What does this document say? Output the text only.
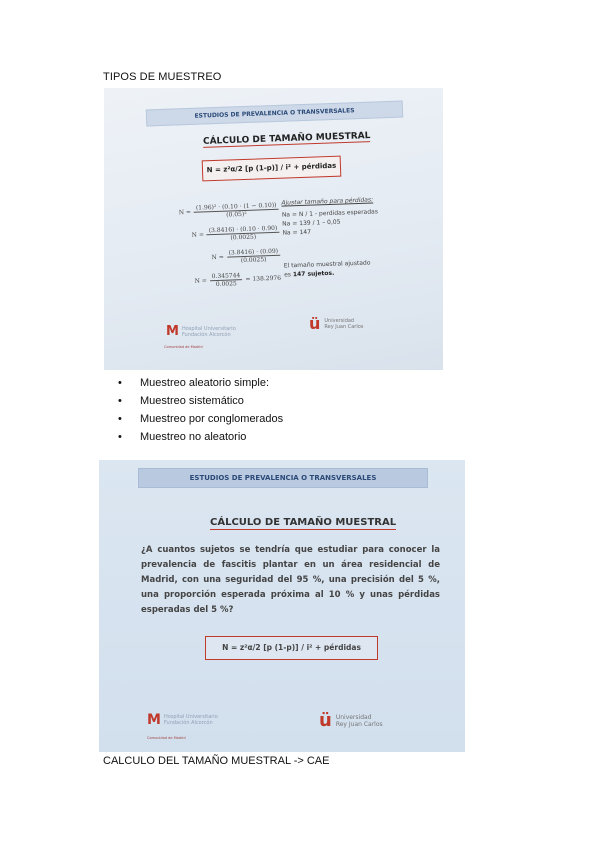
TIPOS DE MUESTREO
ESTUDIOS DE PREVALENCIA O TRANSVERSALES
CÁLCULO DE TAMAÑO MUESTRAL
N = z²α/2 [p (1-p)] / i² + pérdidas
$N = \frac{\text{(1.96)² · (0.10 · (1 − 0.10))}}{\text{(0.05)²}}$
$N = \frac{(3.8416) \cdot (0.10 \cdot 0.90)}{(0.0025)}$
$N = \frac{(3.8416) \cdot (0.09)}{(0.0025)}$
$N = \frac{0.345744}{0.0025} = 138.2976$
Ajustar tamaño para pérdidas:
Na = N / 1 - perdidas esperadas
Na = 139 / 1 – 0,05
Na = 147
El tamaño muestral ajustado
es 147 sujetos.
M Hospital Universitario
Fundación Alcorcón
Comunidad de Madrid
ü Universidad
Rey Juan Carlos
• Muestreo aleatorio simple:
• Muestreo sistemático
• Muestreo por conglomerados
• Muestreo no aleatorio
ESTUDIOS DE PREVALENCIA O TRANSVERSALES
CÁLCULO DE TAMAÑO MUESTRAL
¿A cuantos sujetos se tendría que estudiar para conocer la prevalencia de fascitis plantar en un área residencial de Madrid, con una seguridad del 95 %, una precisión del 5 %, una proporción esperada próxima al 10 % y unas pérdidas esperadas del 5 %?
N = z²α/2 [p (1-p)] / i² + pérdidas
M Hospital Universitario
Fundación Alcorcón
Comunidad de Madrid
ü Universidad
Rey Juan Carlos
CALCULO DEL TAMAÑO MUESTRAL -> CAE
